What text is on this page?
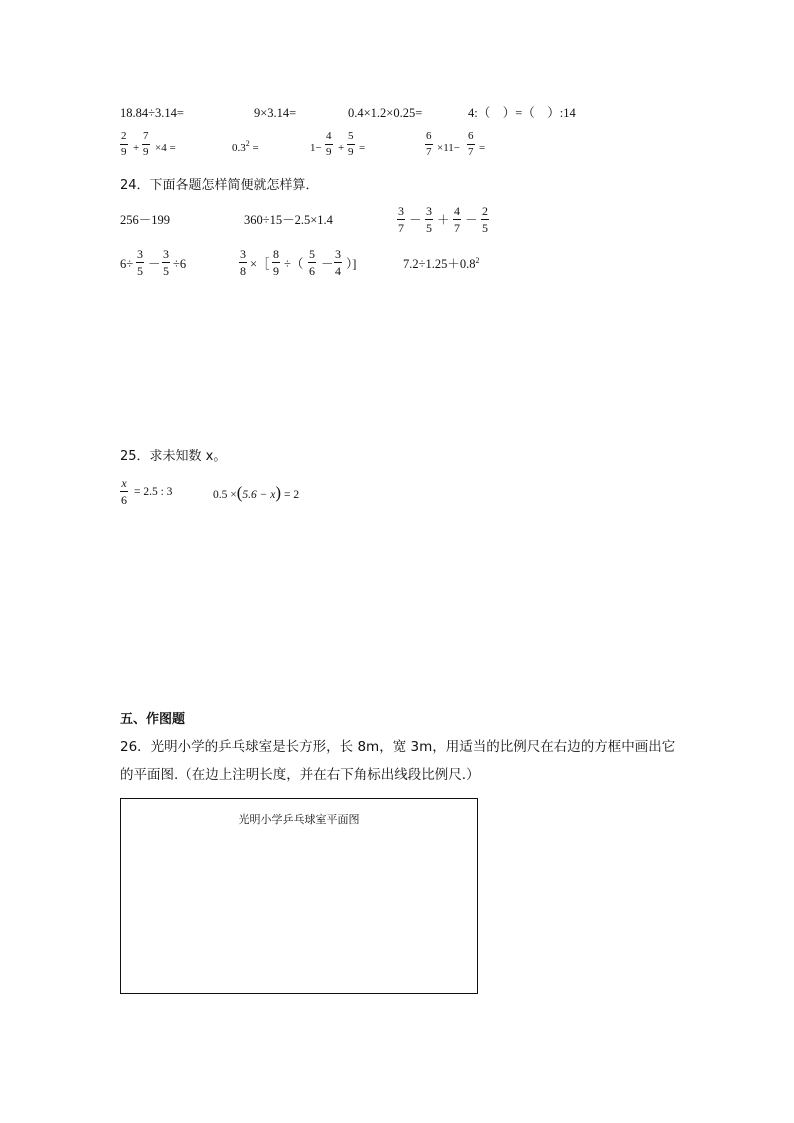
18.84÷3.14=	9×3.14=	0.4×1.2×0.25=	4:（　）=（　）:14
2
9 +
7
9 ×4 =	$0.3^2$ =	1−
4
9 +
5
9 =
6
7 ×11−
6
7 =
24．下面各题怎样简便就怎样算．
256－199	360÷15－2.5×1.4
3
7
－
3
5
＋
4
7
－
2
5
6÷
3
5 －
3
5 ÷6
3
8 ×［
8
9 ÷（
5
6 －
3
4 ）]	$7.2\div 1.25+0.8^2$
25．求未知数 x。
x
6
= 2.5 : 3	0.5 ×(5.6 − x) = 2
五、作图题
26．光明小学的乒乓球室是长方形，长 8m，宽 3m，用适当的比例尺在右边的方框中画出它
的平面图.（在边上注明长度，并在右下角标出线段比例尺.）
光明小学乒乓球室平面图
